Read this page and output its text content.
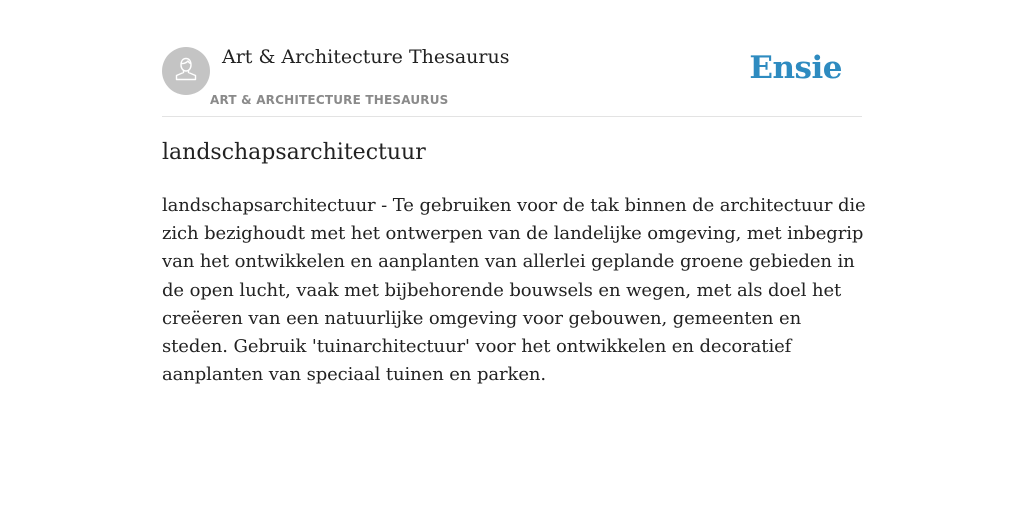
Art & Architecture Thesaurus
ART & ARCHITECTURE THESAURUS
Ensie
landschapsarchitectuur

landschapsarchitectuur - Te gebruiken voor de tak binnen de architectuur die zich bezighoudt met het ontwerpen van de landelijke omgeving, met inbegrip van het ontwikkelen en aanplanten van allerlei geplande groene gebieden in de open lucht, vaak met bijbehorende bouwsels en wegen, met als doel het creëeren van een natuurlijke omgeving voor gebouwen, gemeenten en steden. Gebruik 'tuinarchitectuur' voor het ontwikkelen en decoratief aanplanten van speciaal tuinen en parken.
